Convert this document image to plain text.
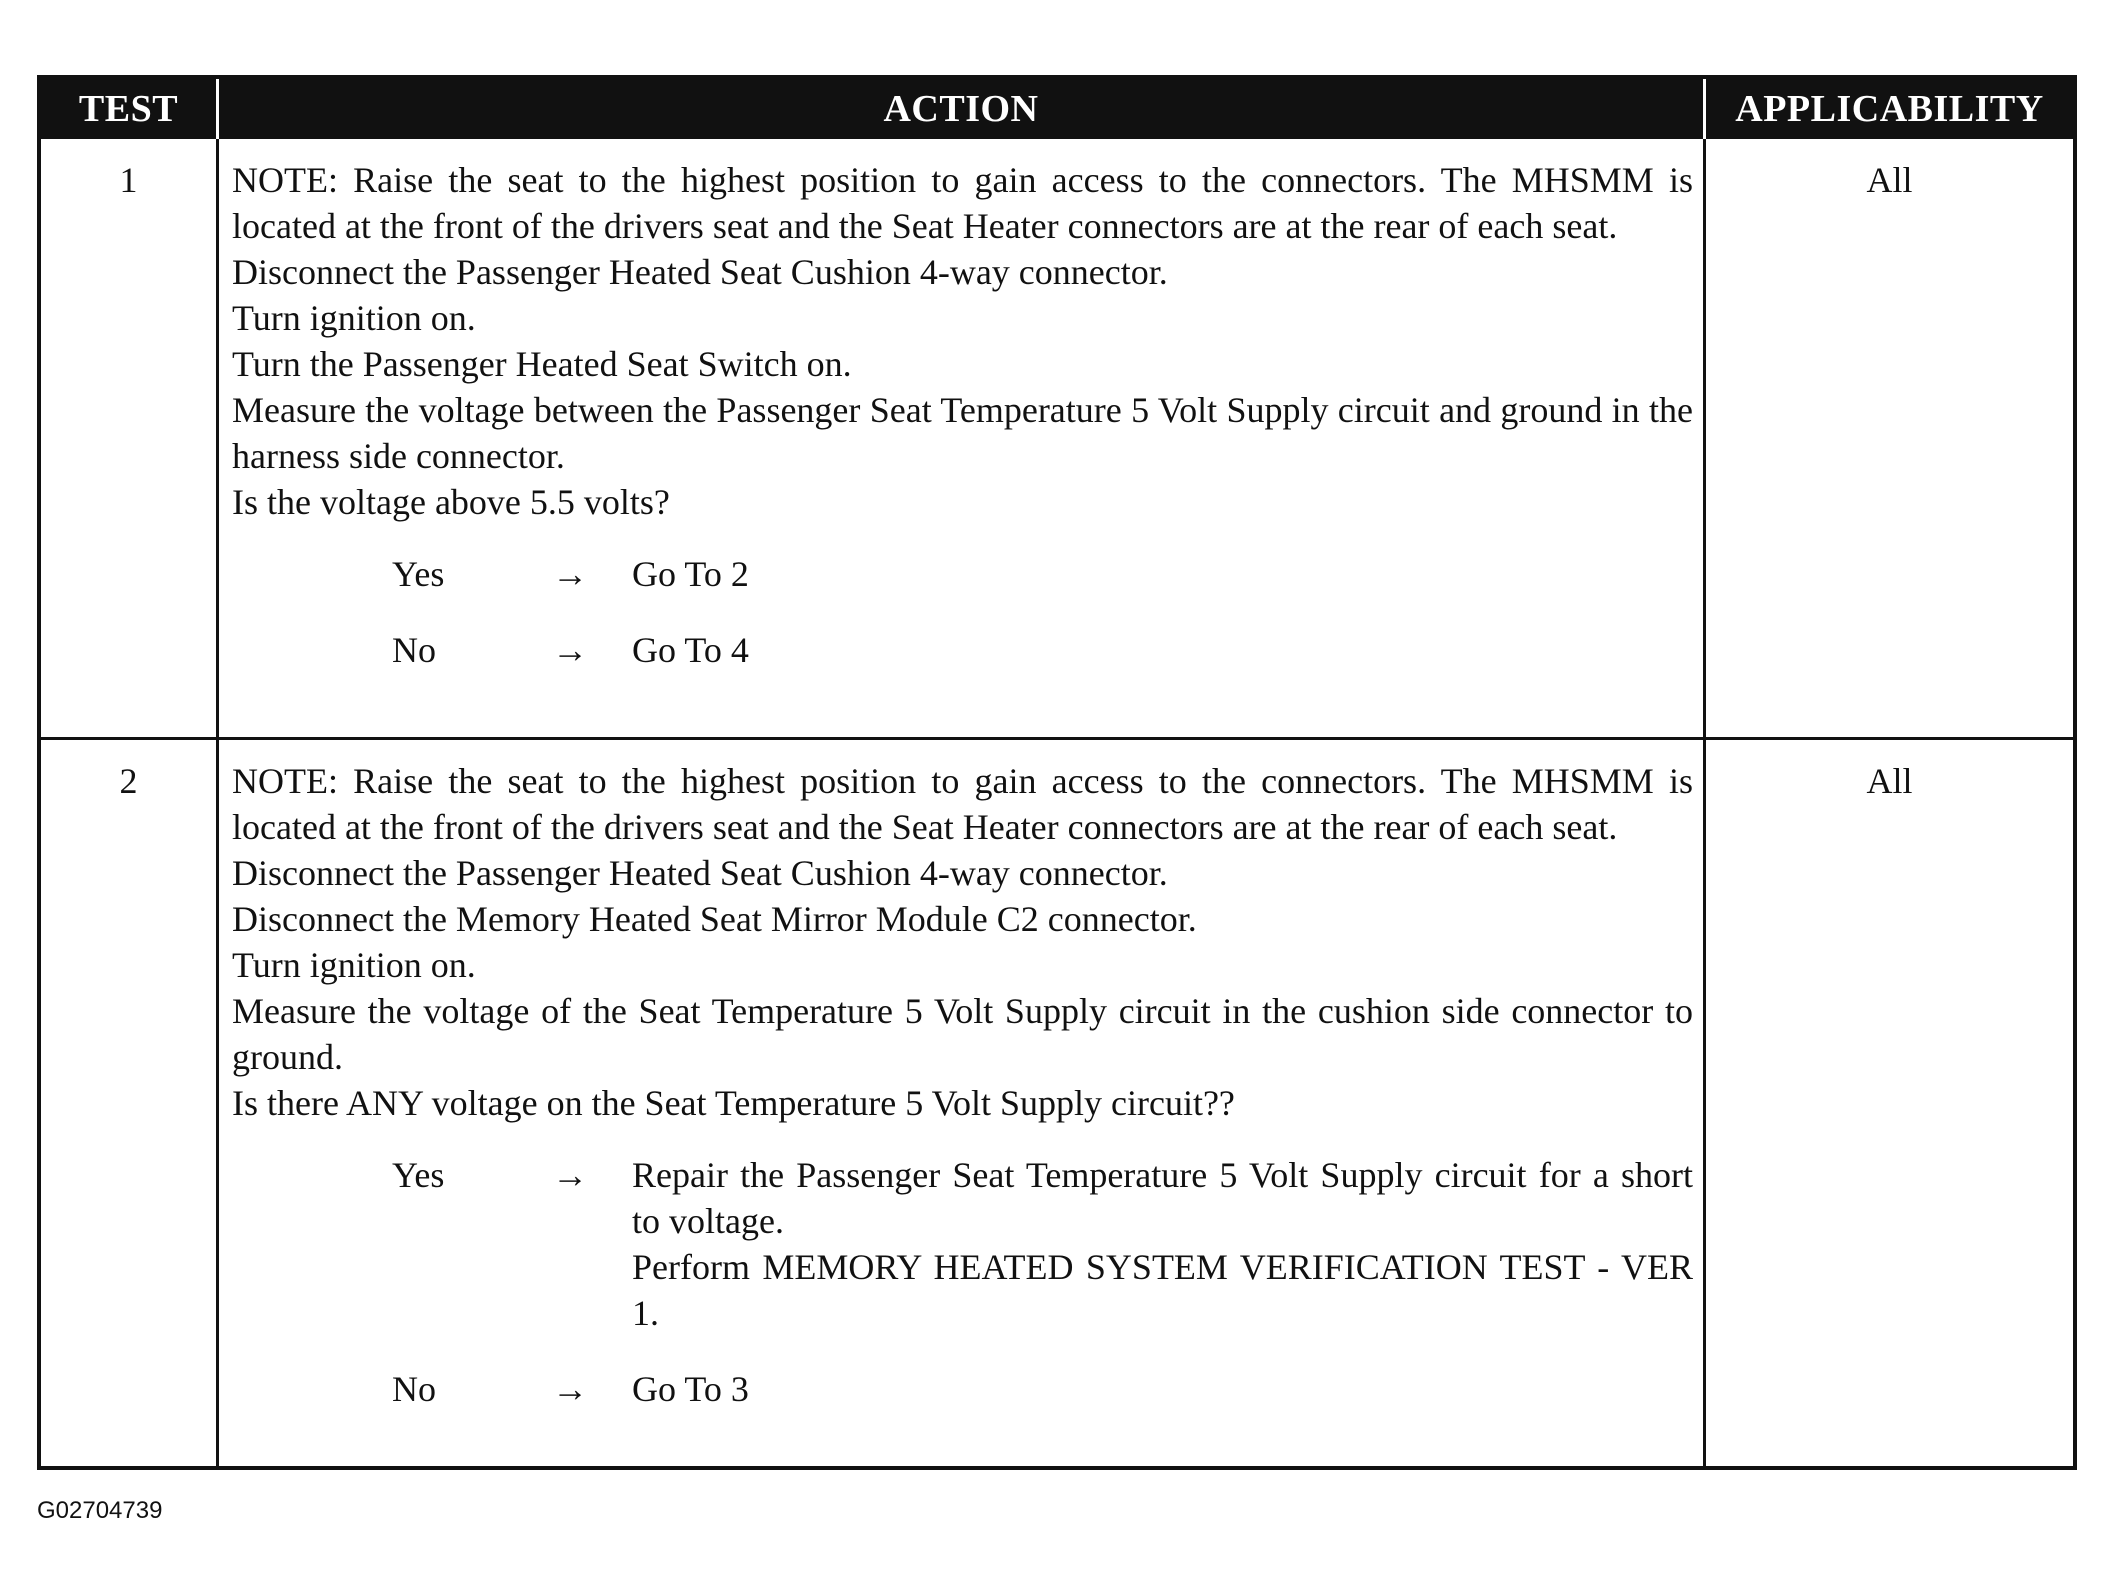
TEST	ACTION	APPLICABILITY
1	NOTE: Raise the seat to the highest position to gain access to the connectors. The MHSMM is located at the front of the drivers seat and the Seat Heater connectors are at the rear of each seat.

Disconnect the Passenger Heated Seat Cushion 4-way connector.

Turn ignition on.

Turn the Passenger Heated Seat Switch on.

Measure the voltage between the Passenger Seat Temperature 5 Volt Supply circuit and ground in the harness side connector.

Is the voltage above 5.5 volts?

Yes	→	Go To 2
No	→	Go To 4
All
2	NOTE: Raise the seat to the highest position to gain access to the connectors. The MHSMM is located at the front of the drivers seat and the Seat Heater connectors are at the rear of each seat.

Disconnect the Passenger Heated Seat Cushion 4-way connector.

Disconnect the Memory Heated Seat Mirror Module C2 connector.

Turn ignition on.

Measure the voltage of the Seat Temperature 5 Volt Supply circuit in the cushion side connector to ground.

Is there ANY voltage on the Seat Temperature 5 Volt Supply circuit??

Yes	→	Repair the Passenger Seat Temperature 5 Volt Supply circuit for a short to voltage.

Perform MEMORY HEATED SYSTEM VERIFICATION TEST - VER 1.

No	→	Go To 3
All
G02704739
